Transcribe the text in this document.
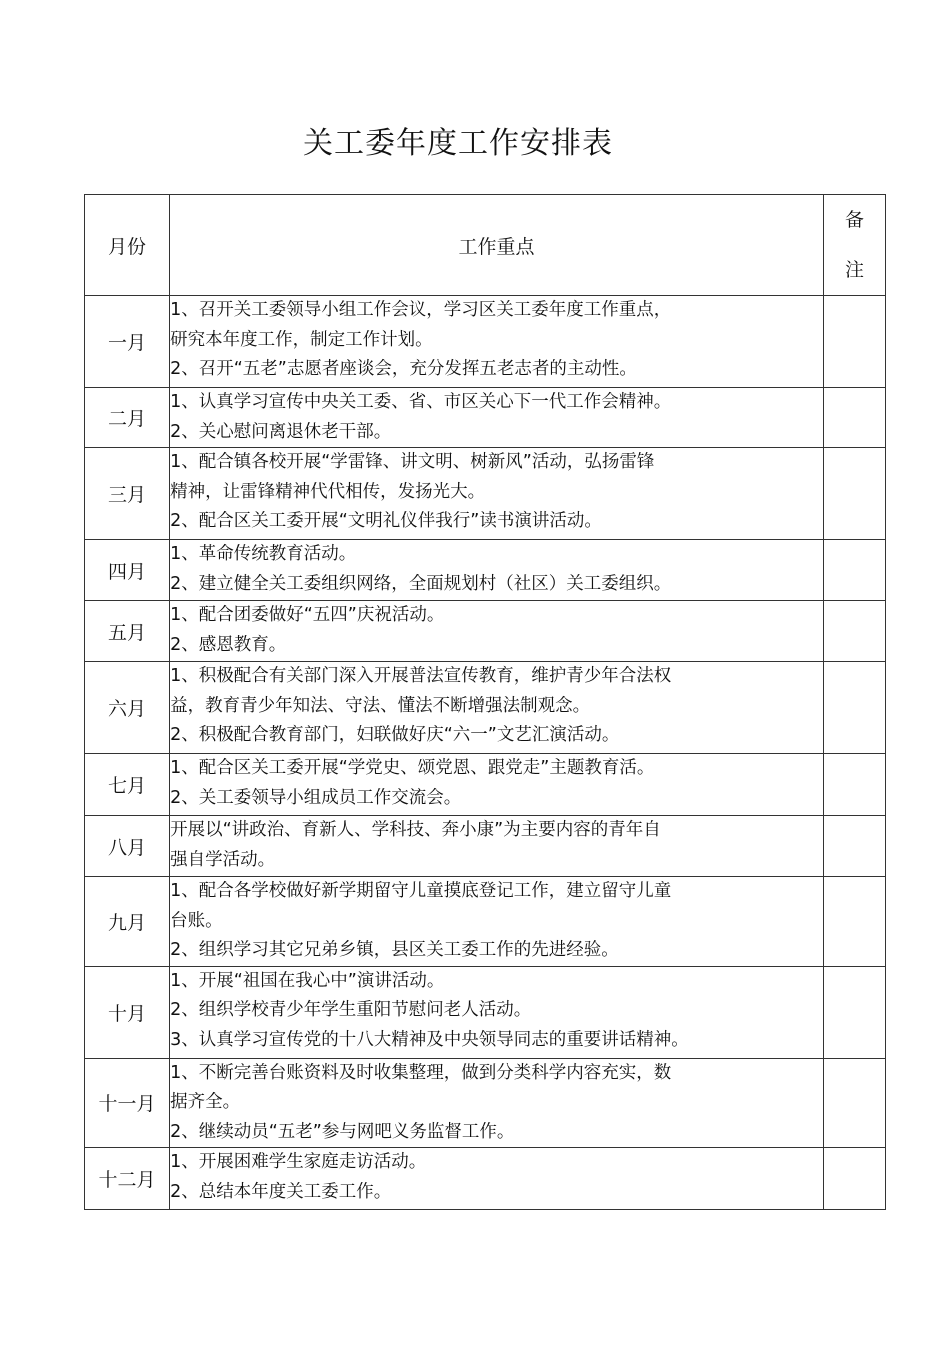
关工委年度工作安排表
月份	工作重点	备
注

一月	1、召开关工委领导小组工作会议，学习区关工委年度工作重点，
研究本年度工作，制定工作计划。
2、召开“五老”志愿者座谈会，充分发挥五老志者的主动性。	

二月	1、认真学习宣传中央关工委、省、市区关心下一代工作会精神。
2、关心慰问离退休老干部。	

三月	1、配合镇各校开展“学雷锋、讲文明、树新风”活动，弘扬雷锋
精神，让雷锋精神代代相传，发扬光大。
2、配合区关工委开展“文明礼仪伴我行”读书演讲活动。	

四月	1、革命传统教育活动。
2、建立健全关工委组织网络，全面规划村（社区）关工委组织。	

五月	1、配合团委做好“五四”庆祝活动。
2、感恩教育。	

六月	1、积极配合有关部门深入开展普法宣传教育，维护青少年合法权
益，教育青少年知法、守法、懂法不断增强法制观念。
2、积极配合教育部门，妇联做好庆“六一”文艺汇演活动。	

七月	1、配合区关工委开展“学党史、颂党恩、跟党走”主题教育活。
2、关工委领导小组成员工作交流会。	

八月	开展以“讲政治、育新人、学科技、奔小康”为主要内容的青年自
强自学活动。	

九月	1、配合各学校做好新学期留守儿童摸底登记工作，建立留守儿童
台账。
2、组织学习其它兄弟乡镇，县区关工委工作的先进经验。	

十月	1、开展“祖国在我心中”演讲活动。
2、组织学校青少年学生重阳节慰问老人活动。
3、认真学习宣传党的十八大精神及中央领导同志的重要讲话精神。	

十一月	1、不断完善台账资料及时收集整理，做到分类科学内容充实，数
据齐全。
2、继续动员“五老”参与网吧义务监督工作。	

十二月	1、开展困难学生家庭走访活动。
2、总结本年度关工委工作。	
